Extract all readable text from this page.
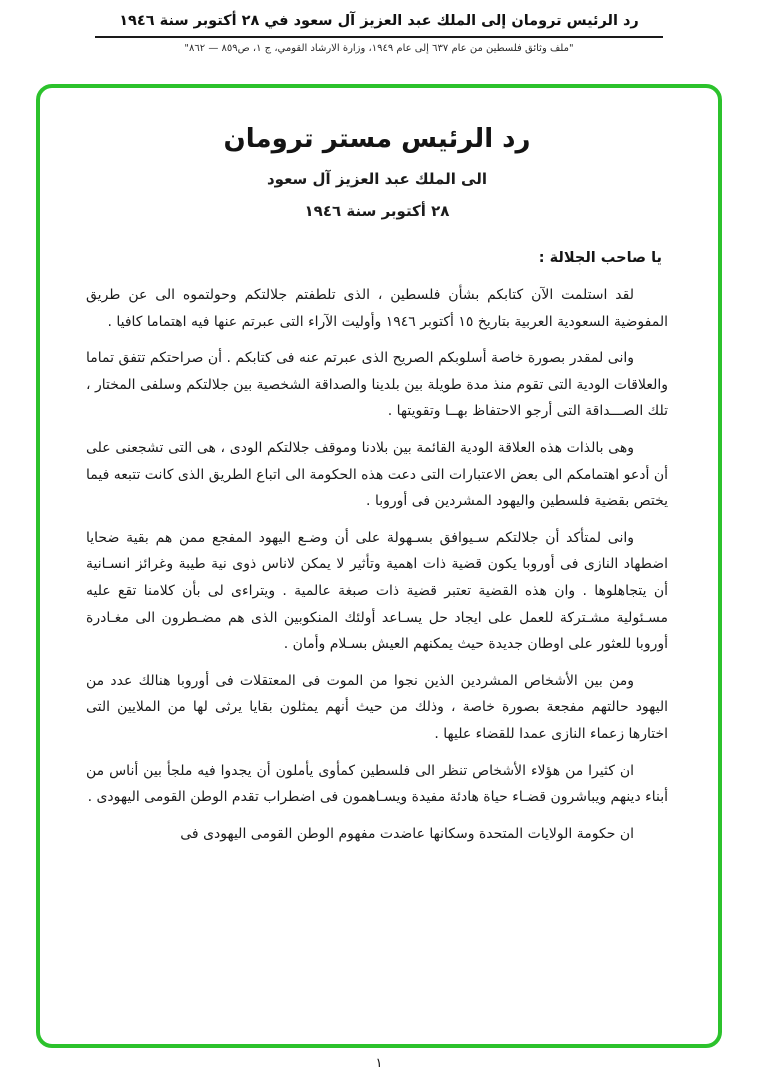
رد الرئيس ترومان إلى الملك عبد العزيز آل سعود في ٢٨ أكتوبر سنة ١٩٤٦
"ملف وثائق فلسطين من عام ٦٣٧ إلى عام ١٩٤٩، وزارة الارشاد القومي، ج ١، ص٨٥٩ — ٨٦٢"
رد الرئيس مستر ترومان
الى الملك عبد العزيز آل سعود
٢٨ أكتوبر سنة ١٩٤٦
يا صاحب الجلالة :

لقد استلمت الآن كتابكم بشأن فلسطين ، الذى تلطفتم جلالتكم وحولتموه الى عن طريق المفوضية السعودية العربية بتاريخ ١٥ أكتوبر ١٩٤٦ وأوليت الآراء التى عبرتم عنها فيه اهتماما كافيا .

وانى لمقدر بصورة خاصة أسلوبكم الصريح الذى عبرتم عنه فى كتابكم . أن صراحتكم تتفق تماما والعلاقات الودية التى تقوم منذ مدة طويلة بين بلدينا والصداقة الشخصية بين جلالتكم وسلفى المختار ، تلك الصـــداقة التى أرجو الاحتفاظ بهــا وتقويتها .

وهى بالذات هذه العلاقة الودية القائمة بين بلادنا وموقف جلالتكم الودى ، هى التى تشجعنى على أن أدعو اهتمامكم الى بعض الاعتبارات التى دعت هذه الحكومة الى اتباع الطريق الذى كانت تتبعه فيما يختص بقضية فلسطين واليهود المشردين فى أوروبا .

وانى لمتأكد أن جلالتكم سـيوافق بسـهولة على أن وضـع اليهود المفجع ممن هم بقية ضحايا اضطهاد النازى فى أوروبا يكون قضية ذات اهمية وتأثير لا يمكن لاناس ذوى نية طيبة وغرائز انسـانية أن يتجاهلوها . وان هذه القضية تعتبر قضية ذات صبغة عالمية . ويتراءى لى بأن كلامنا تقع عليه مسـئولية مشـتركة للعمل على ايجاد حل يسـاعد أولئك المنكوبين الذى هم مضـطرون الى مغـادرة أوروبا للعثور على اوطان جديدة حيث يمكنهم العيش بسـلام وأمان .

ومن بين الأشخاص المشردين الذين نجوا من الموت فى المعتقلات فى أوروبا هنالك عدد من اليهود حالتهم مفجعة بصورة خاصة ، وذلك من حيث أنهم يمثلون بقايا يرثى لها من الملايين التى اختارها زعماء النازى عمدا للقضاء عليها .

ان كثيرا من هؤلاء الأشخاص تنظر الى فلسطين كمأوى يأملون أن يجدوا فيه ملجأ بين أناس من أبناء دينهم ويباشرون قضـاء حياة هادئة مفيدة ويسـاهمون فى اضطراب تقدم الوطن القومى اليهودى .

ان حكومة الولايات المتحدة وسكانها عاضدت مفهوم الوطن القومى اليهودى فى

١
